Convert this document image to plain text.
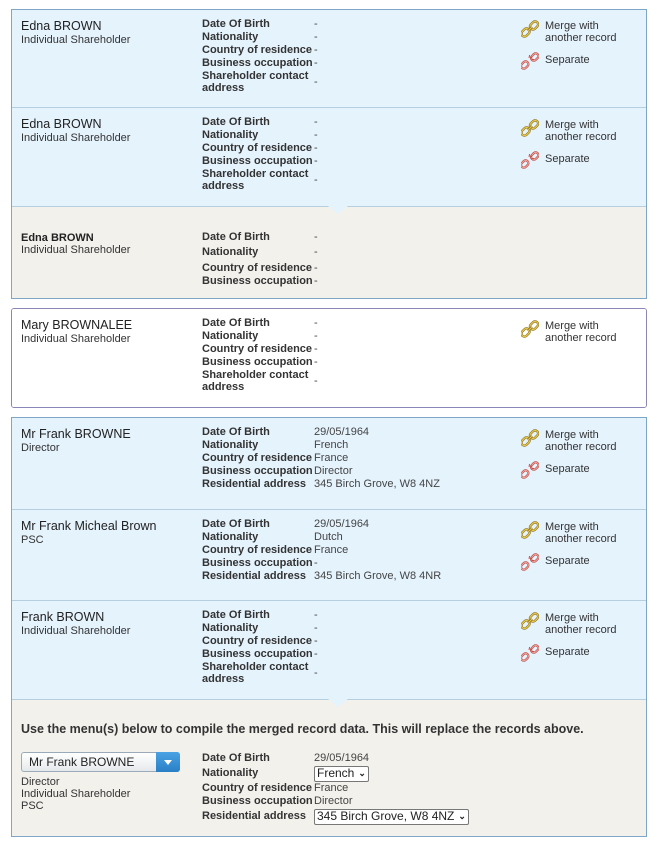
Edna BROWN
Individual Shareholder
Date Of Birth	-
Nationality	-
Country of residence -
Business occupation -
Shareholder contact
address
-
Merge with
another record
Separate
Edna BROWN
Individual Shareholder
Date Of Birth	-
Nationality	-
Country of residence -
Business occupation -
Shareholder contact
address
-
Merge with
another record
Separate
Edna BROWN
Individual Shareholder
Date Of Birth	-
Nationality	-
Country of residence -
Business occupation -
Mary BROWNALEE
Individual Shareholder
Date Of Birth	-
Nationality	-
Country of residence -
Business occupation -
Shareholder contact
address
-
Merge with
another record
Mr Frank BROWNE
Director
Date Of Birth	29/05/1964
Nationality	French
Country of residence France
Business occupation Director
Residential address 345 Birch Grove, W8 4NZ
Merge with
another record
Separate
Mr Frank Micheal Brown
PSC
Date Of Birth	29/05/1964
Nationality	Dutch
Country of residence France
Business occupation -
Residential address 345 Birch Grove, W8 4NR
Merge with
another record
Separate
Frank BROWN
Individual Shareholder
Date Of Birth	-
Nationality	-
Country of residence -
Business occupation -
Shareholder contact
address
-
Merge with
another record
Separate
Use the menu(s) below to compile the merged record data. This will replace the records above.
Mr Frank BROWNE
Director
Individual Shareholder
PSC
Date Of Birth	29/05/1964
Nationality	French ⌄
Country of residence France
Business occupation Director
Residential address 345 Birch Grove, W8 4NZ ⌄
